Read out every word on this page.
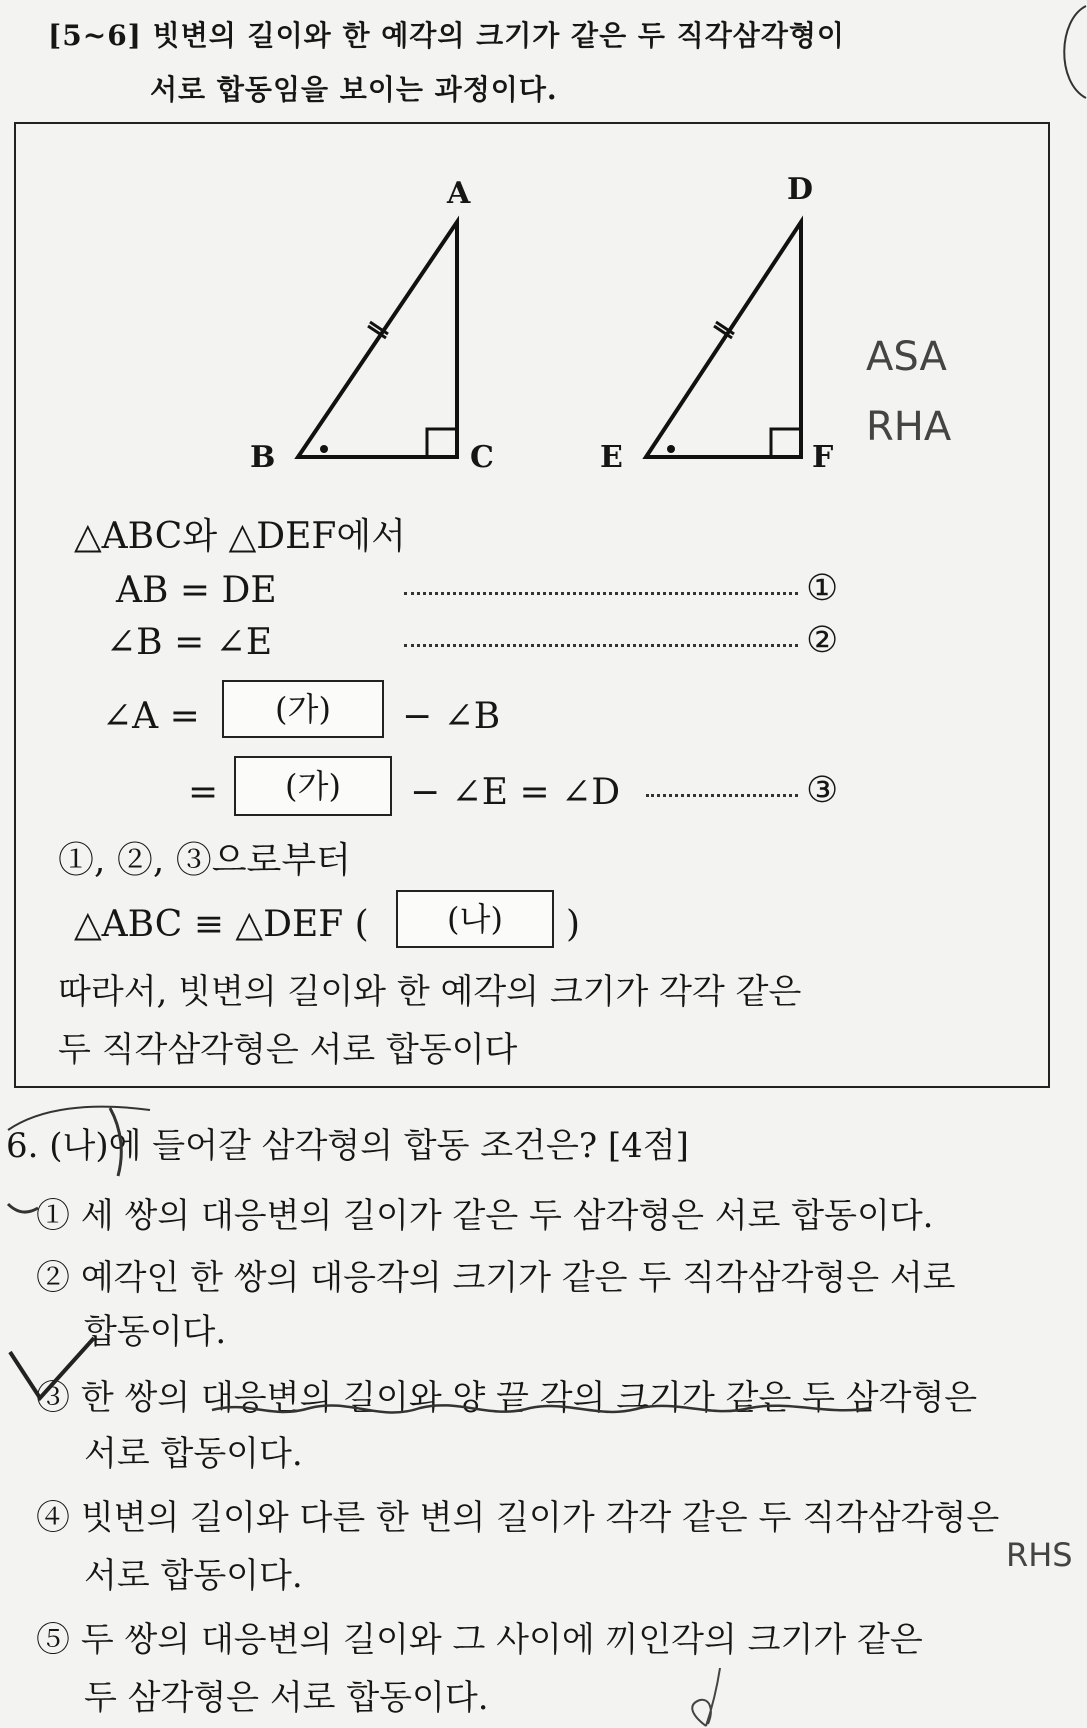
[5~6] 빗변의 길이와 한 예각의 크기가 같은 두 직각삼각형이
서로 합동임을 보이는 과정이다.
A
B	C
D
E	F
ASA
RHA
△ABC와 △DEF에서
AB = DE	①
∠B = ∠E	②
∠A =	(가)	− ∠B
=	(가)	− ∠E = ∠D	③
①, ②, ③으로부터
△ABC ≡ △DEF (	(나)	)
따라서, 빗변의 길이와 한 예각의 크기가 각각 같은
두 직각삼각형은 서로 합동이다
6. (나)에 들어갈 삼각형의 합동 조건은? [4점]
① 세 쌍의 대응변의 길이가 같은 두 삼각형은 서로 합동이다.
② 예각인 한 쌍의 대응각의 크기가 같은 두 직각삼각형은 서로
합동이다.
③ 한 쌍의 대응변의 길이와 양 끝 각의 크기가 같은 두 삼각형은
서로 합동이다.
④ 빗변의 길이와 다른 한 변의 길이가 각각 같은 두 직각삼각형은
서로 합동이다.
RHS
⑤ 두 쌍의 대응변의 길이와 그 사이에 끼인각의 크기가 같은
두 삼각형은 서로 합동이다.
